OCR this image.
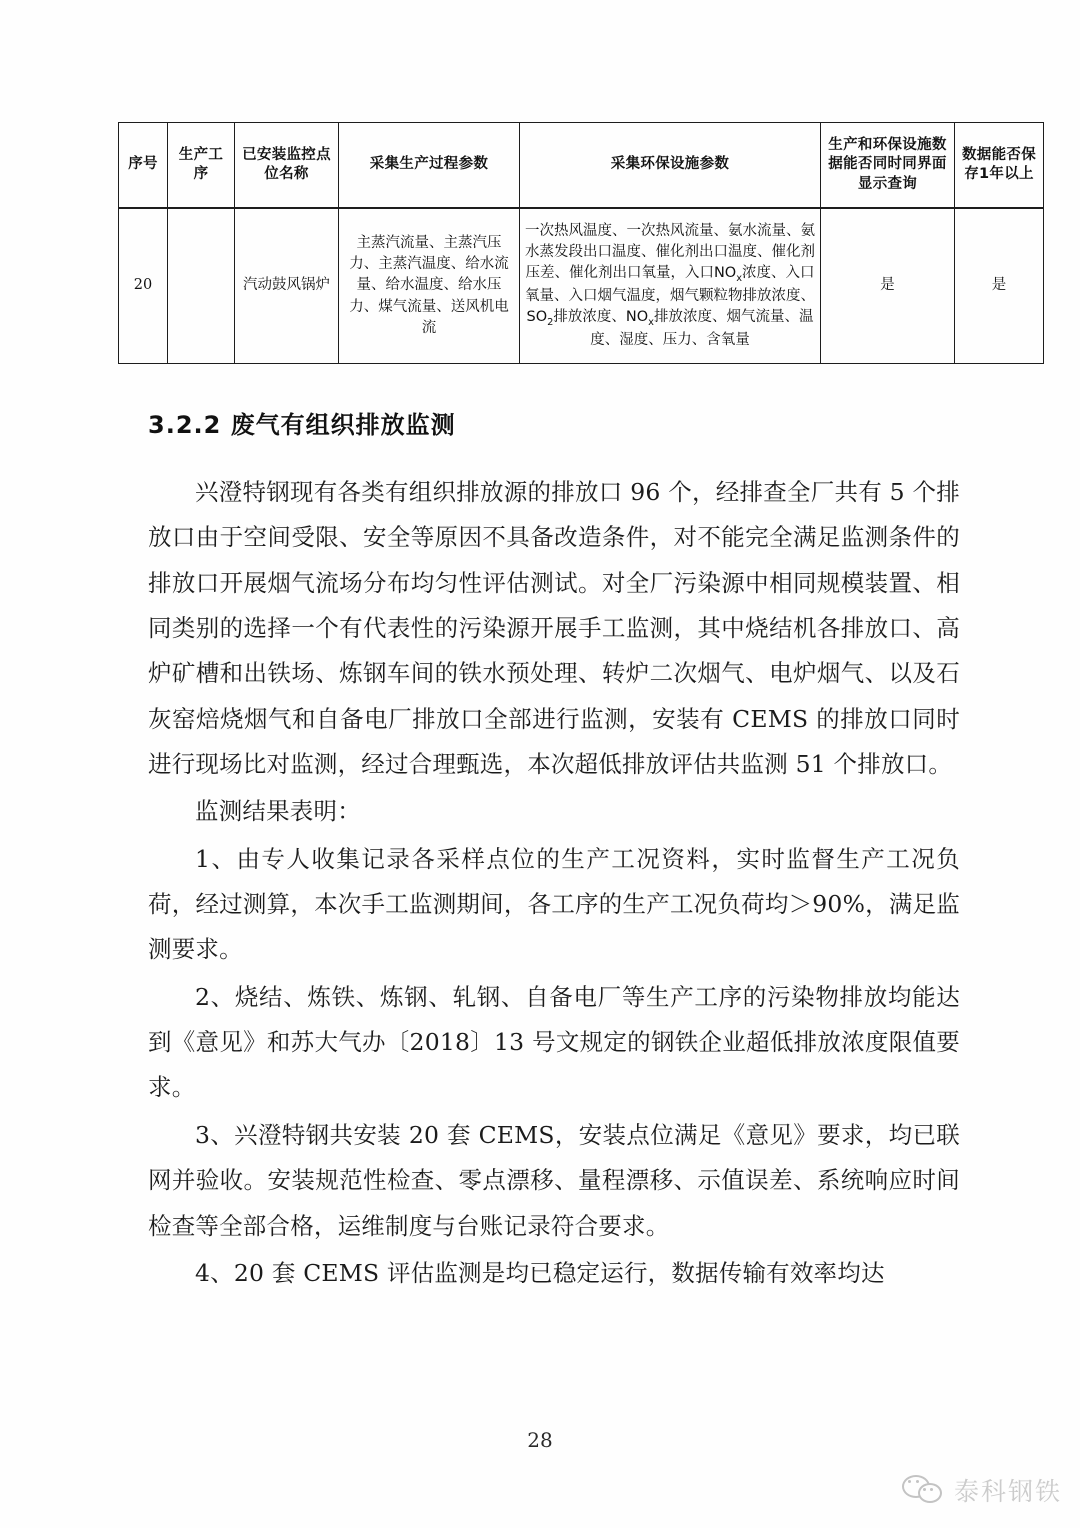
序号	生产工序	已安装监控点位名称	采集生产过程参数	采集环保设施参数	生产和环保设施数据能否同时同界面显示查询	数据能否保存1年以上
20		汽动鼓风锅炉	主蒸汽流量、主蒸汽压力、主蒸汽温度、给水流量、给水温度、给水压力、煤气流量、送风机电流	一次热风温度、一次热风流量、氨水流量、氨水蒸发段出口温度、催化剂出口温度、催化剂压差、催化剂出口氧量，入口$NO_x$浓度、入口氧量、入口烟气温度，烟气颗粒物排放浓度、$SO_2$排放浓度、$NO_x$排放浓度、烟气流量、温度、湿度、压力、含氧量	是	是
3.2.2 废气有组织排放监测

兴澄特钢现有各类有组织排放源的排放口 96 个，经排查全厂共有 5 个排放口由于空间受限、安全等原因不具备改造条件，对不能完全满足监测条件的排放口开展烟气流场分布均匀性评估测试。对全厂污染源中相同规模装置、相同类别的选择一个有代表性的污染源开展手工监测，其中烧结机各排放口、高炉矿槽和出铁场、炼钢车间的铁水预处理、转炉二次烟气、电炉烟气、以及石灰窑焙烧烟气和自备电厂排放口全部进行监测，安装有 CEMS 的排放口同时进行现场比对监测，经过合理甄选，本次超低排放评估共监测 51 个排放口。

监测结果表明：

1、由专人收集记录各采样点位的生产工况资料，实时监督生产工况负荷，经过测算，本次手工监测期间，各工序的生产工况负荷均＞90%，满足监测要求。

2、烧结、炼铁、炼钢、轧钢、自备电厂等生产工序的污染物排放均能达到《意见》和苏大气办〔2018〕13 号文规定的钢铁企业超低排放浓度限值要求。

3、兴澄特钢共安装 20 套 CEMS，安装点位满足《意见》要求，均已联网并验收。安装规范性检查、零点漂移、量程漂移、示值误差、系统响应时间检查等全部合格，运维制度与台账记录符合要求。

4、20 套 CEMS 评估监测是均已稳定运行，数据传输有效率均达

28
泰科钢铁
